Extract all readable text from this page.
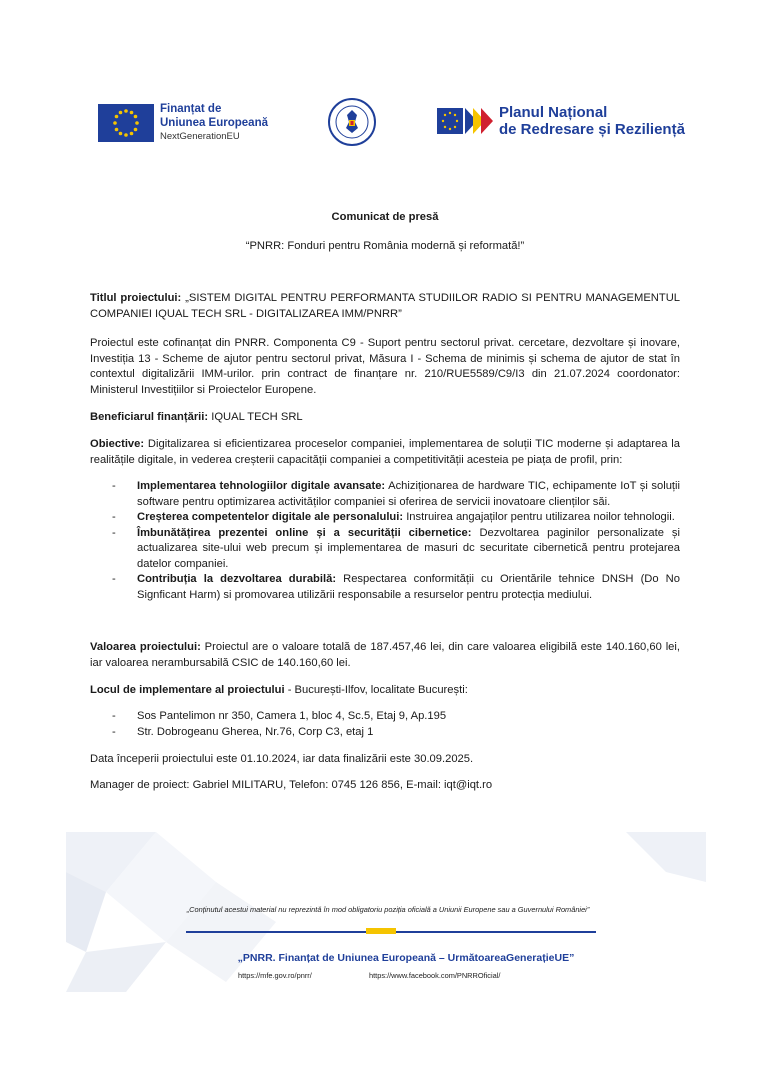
Finanțat de
Uniunea Europeană
NextGenerationEU
Planul Național
de Redresare și Reziliență
Comunicat de presă
“PNRR: Fonduri pentru România modernă și reformată!”
Titlul proiectului: „SISTEM DIGITAL PENTRU PERFORMANTA STUDIILOR RADIO SI PENTRU MANAGEMENTUL COMPANIEI IQUAL TECH SRL - DIGITALIZAREA IMM/PNRR”
Proiectul este cofinanțat din PNRR. Componenta C9 - Suport pentru sectorul privat. cercetare, dezvoltare și inovare, Investiția 13 - Scheme de ajutor pentru sectorul privat, Măsura I - Schema de minimis și schema de ajutor de stat în contextul digitalizării IMM-urilor. prin contract de finanțare nr. 210/RUE5589/C9/I3 din 21.07.2024 coordonator: Ministerul Investițiilor si Proiectelor Europene.
Beneficiarul finanțării: IQUAL TECH SRL
Obiective: Digitalizarea si eficientizarea proceselor companiei, implementarea de soluții TIC moderne și adaptarea la realitățile digitale, in vederea creșterii capacității companiei a competitivității acesteia pe piața de profil, prin:
- Implementarea tehnologiilor digitale avansate: Achiziționarea de hardware TIC, echipamente IoT și soluții software pentru optimizarea activităților companiei si oferirea de servicii inovatoare clienților săi.
- Creșterea competentelor digitale ale personalului: Instruirea angajaților pentru utilizarea noilor tehnologii.
- Îmbunătățirea prezentei online și a securității cibernetice: Dezvoltarea paginilor personalizate și actualizarea site-ului web precum și implementarea de masuri dc securitate cibernetică pentru protejarea datelor companiei.
- Contribuția la dezvoltarea durabilă: Respectarea conformității cu Orientările tehnice DNSH (Do No Signficant Harm) si promovarea utilizării responsabile a resurselor pentru protecția mediului.
Valoarea proiectului: Proiectul are o valoare totală de 187.457,46 lei, din care valoarea eligibilă este 140.160,60 lei, iar valoarea nerambursabilă CSIC de 140.160,60 lei.
Locul de implementare al proiectului - București-Ilfov, localitate București:
- Sos Pantelimon nr 350, Camera 1, bloc 4, Sc.5, Etaj 9, Ap.195
- Str. Dobrogeanu Gherea, Nr.76, Corp C3, etaj 1
Data începerii proiectului este 01.10.2024, iar data finalizării este 30.09.2025.
Manager de proiect: Gabriel MILITARU, Telefon: 0745 126 856, E-mail: iqt@iqt.ro
„Conținutul acestui material nu reprezintă în mod obligatoriu poziția oficială a Uniunii Europene sau a Guvernului României”
„PNRR. Finanțat de Uniunea Europeană – UrmătoareaGenerațieUE”
https://mfe.gov.ro/pnrr/	https://www.facebook.com/PNRROficial/
